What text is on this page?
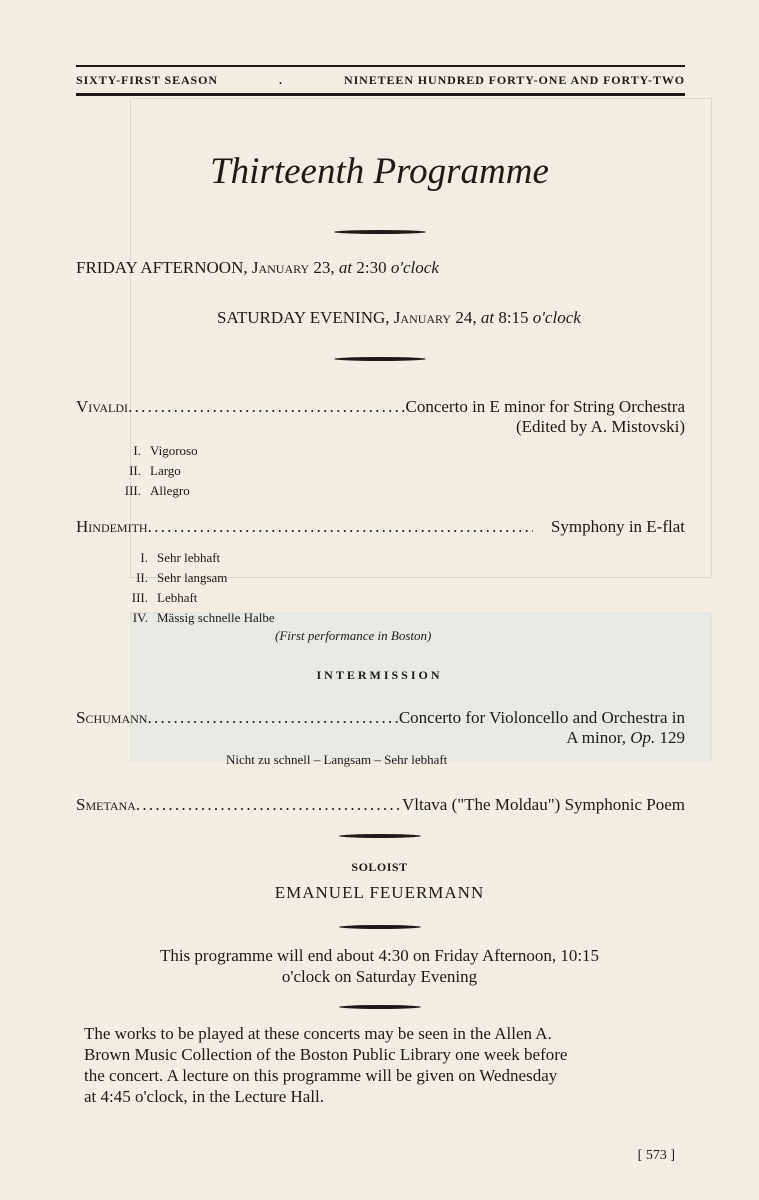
SIXTY-FIRST SEASON	.	NINETEEN HUNDRED FORTY-ONE AND FORTY-TWO
Thirteenth Programme
FRIDAY AFTERNOON, January 23, at 2:30 o'clock
SATURDAY EVENING, January 24, at 8:15 o'clock
Vivaldi . . .	Concerto in E minor for String Orchestra
(Edited by A. Mistovski)
I. Vigoroso
II. Largo
III. Allegro
Hindemith . . .	Symphony in E-flat
I. Sehr lebhaft
II. Sehr langsam
III. Lebhaft
IV. Mässig schnelle Halbe
(First performance in Boston)
INTERMISSION
Schumann . . .	Concerto for Violoncello and Orchestra in
A minor, Op. 129
Nicht zu schnell – Langsam – Sehr lebhaft
Smetana . . .	Vltava ("The Moldau") Symphonic Poem
SOLOIST
EMANUEL FEUERMANN
This programme will end about 4:30 on Friday Afternoon, 10:15
o'clock on Saturday Evening
The works to be played at these concerts may be seen in the Allen A.
Brown Music Collection of the Boston Public Library one week before
the concert. A lecture on this programme will be given on Wednesday
at 4:45 o'clock, in the Lecture Hall.
[ 573 ]
